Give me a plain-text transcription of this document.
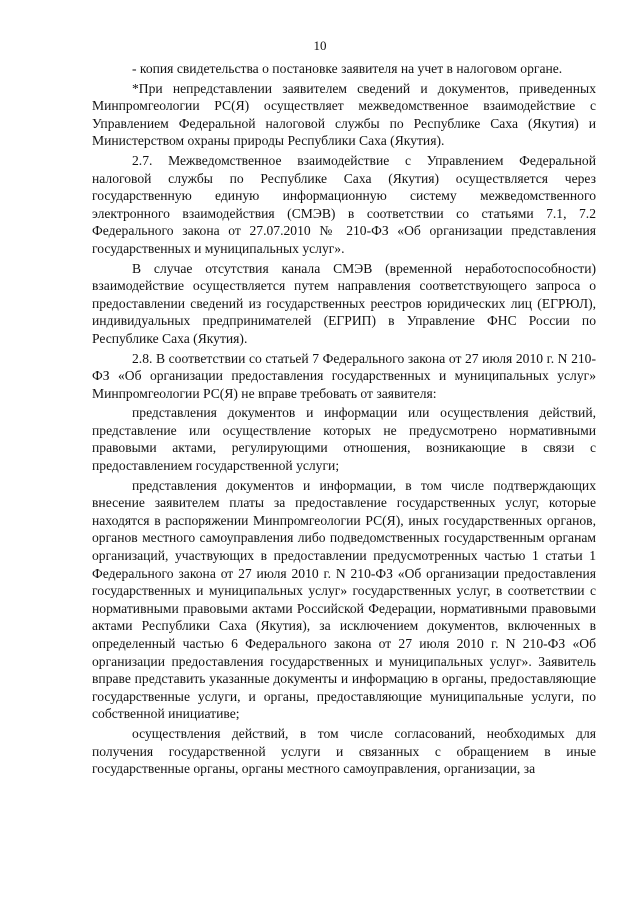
10

- копия свидетельства о постановке заявителя на учет в налоговом органе.

*При непредставлении заявителем сведений и документов, приведенных Минпромгеологии РС(Я) осуществляет межведомственное взаимодействие с Управлением Федеральной налоговой службы по Республике Саха (Якутия) и Министерством охраны природы Республики Саха (Якутия).

2.7. Межведомственное взаимодействие с Управлением Федеральной налоговой службы по Республике Саха (Якутия) осуществляется через государственную единую информационную систему межведомственного электронного взаимодействия (СМЭВ) в соответствии со статьями 7.1, 7.2 Федерального закона от 27.07.2010 № 210-ФЗ «Об организации представления государственных и муниципальных услуг».

В случае отсутствия канала СМЭВ (временной неработоспособности) взаимодействие осуществляется путем направления соответствующего запроса о предоставлении сведений из государственных реестров юридических лиц (ЕГРЮЛ), индивидуальных предпринимателей (ЕГРИП) в Управление ФНС России по Республике Саха (Якутия).

2.8. В соответствии со статьей 7 Федерального закона от 27 июля 2010 г. N 210-ФЗ «Об организации предоставления государственных и муниципальных услуг» Минпромгеологии РС(Я) не вправе требовать от заявителя:

представления документов и информации или осуществления действий, представление или осуществление которых не предусмотрено нормативными правовыми актами, регулирующими отношения, возникающие в связи с предоставлением государственной услуги;

представления документов и информации, в том числе подтверждающих внесение заявителем платы за предоставление государственных услуг, которые находятся в распоряжении Минпромгеологии РС(Я), иных государственных органов, органов местного самоуправления либо подведомственных государственным органам организаций, участвующих в предоставлении предусмотренных частью 1 статьи 1 Федерального закона от 27 июля 2010 г. N 210-ФЗ «Об организации предоставления государственных и муниципальных услуг» государственных услуг, в соответствии с нормативными правовыми актами Российской Федерации, нормативными правовыми актами Республики Саха (Якутия), за исключением документов, включенных в определенный частью 6 Федерального закона от 27 июля 2010 г. N 210-ФЗ «Об организации предоставления государственных и муниципальных услуг». Заявитель вправе представить указанные документы и информацию в органы, предоставляющие государственные услуги, и органы, предоставляющие муниципальные услуги, по собственной инициативе;

осуществления действий, в том числе согласований, необходимых для получения государственной услуги и связанных с обращением в иные государственные органы, органы местного самоуправления, организации, за
